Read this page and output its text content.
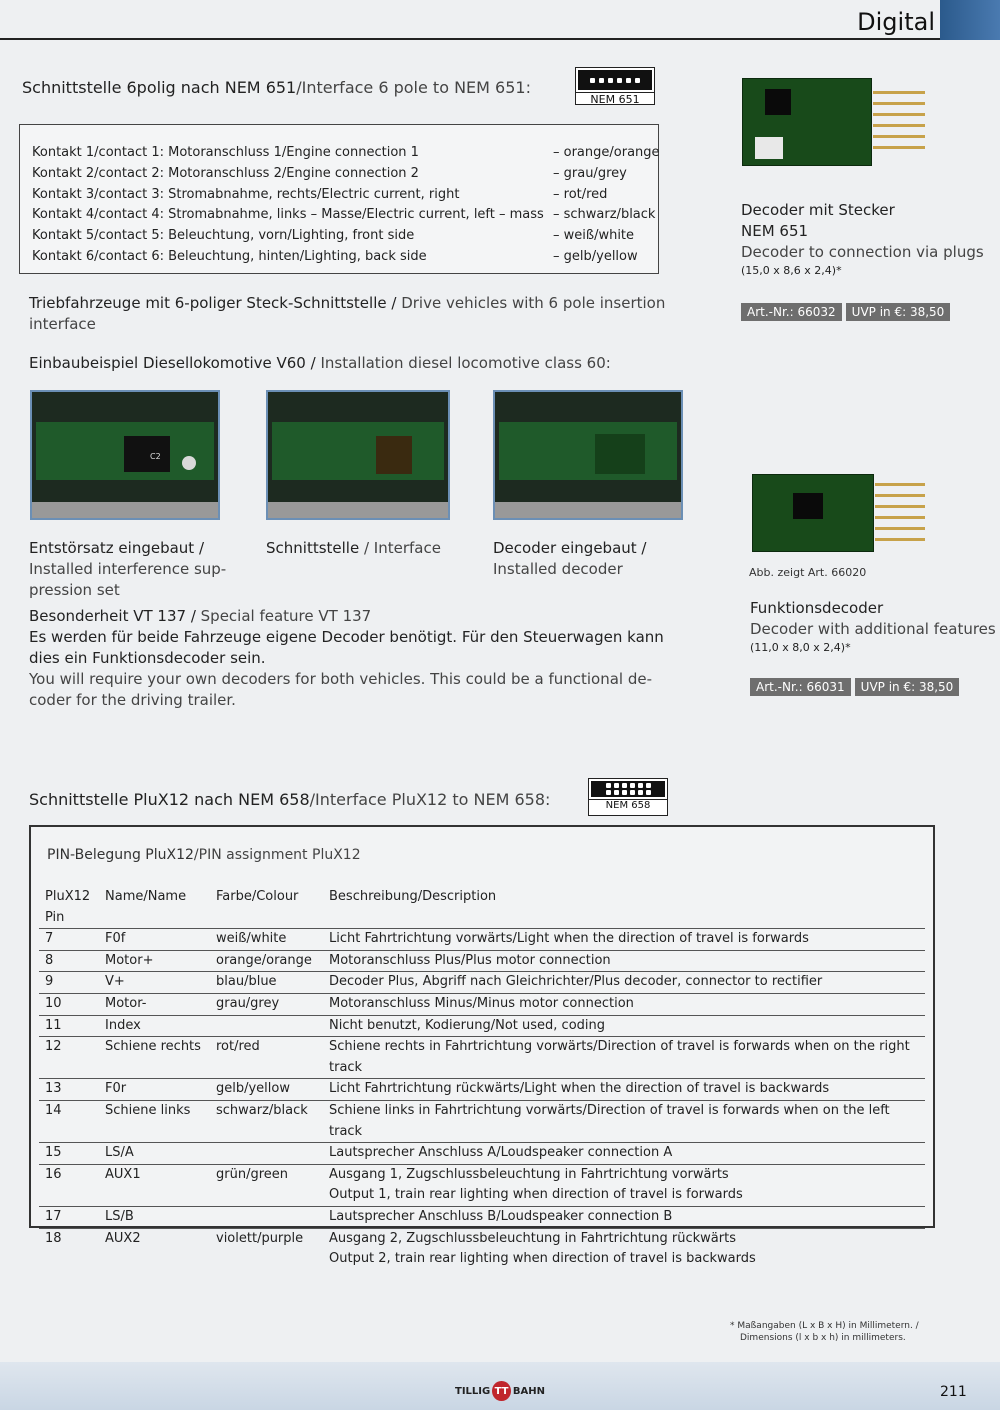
Digital
Schnittstelle 6polig nach NEM 651/Interface 6 pole to NEM 651:
NEM 651
Kontakt 1/contact 1: Motoranschluss 1/Engine connection 1	– orange/orange
Kontakt 2/contact 2: Motoranschluss 2/Engine connection 2	– grau/grey
Kontakt 3/contact 3: Stromabnahme, rechts/Electric current, right	– rot/red
Kontakt 4/contact 4: Stromabnahme, links – Masse/Electric current, left – mass – schwarz/black
Kontakt 5/contact 5: Beleuchtung, vorn/Lighting, front side	– weiß/white
Kontakt 6/contact 6: Beleuchtung, hinten/Lighting, back side	– gelb/yellow
Triebfahrzeuge mit 6-poliger Steck-Schnittstelle / Drive vehicles with 6 pole insertion interface
Einbaubeispiel Diesellokomotive V60 / Installation diesel locomotive class 60:
C2
Entstörsatz eingebaut /
Installed interference sup- pression set
Schnittstelle / Interface	Decoder eingebaut /
Installed decoder
Besonderheit VT 137 / Special feature VT 137
Es werden für beide Fahrzeuge eigene Decoder benötigt. Für den Steuerwagen kann dies ein Funktionsdecoder sein.
You will require your own decoders for both vehicles. This could be a functional de- coder for the driving trailer.
Decoder mit Stecker
NEM 651
Decoder to connection via plugs
(15,0 x 8,6 x 2,4)*
Art.-Nr.: 66032	UVP in €: 38,50
Abb. zeigt Art. 66020
Funktionsdecoder
Decoder with additional features
(11,0 x 8,0 x 2,4)*
Art.-Nr.: 66031	UVP in €: 38,50
Schnittstelle PluX12 nach NEM 658/Interface PluX12 to NEM 658:	NEM 658
PIN-Belegung PluX12/PIN assignment PluX12
PluX12 Pin	Name/Name	Farbe/Colour	Beschreibung/Description
7	F0f	weiß/white	Licht Fahrtrichtung vorwärts/Light when the direction of travel is forwards

8	Motor+	orange/orange	Motoranschluss Plus/Plus motor connection

9	V+	blau/blue	Decoder Plus, Abgriff nach Gleichrichter/Plus decoder, connector to rectifier

10	Motor-	grau/grey	Motoranschluss Minus/Minus motor connection

11	Index		Nicht benutzt, Kodierung/Not used, coding

12	Schiene rechts	rot/red	Schiene rechts in Fahrtrichtung vorwärts/Direction of travel is forwards when on the right track

13	F0r	gelb/yellow	Licht Fahrtrichtung rückwärts/Light when the direction of travel is backwards

14	Schiene links	schwarz/black	Schiene links in Fahrtrichtung vorwärts/Direction of travel is forwards when on the left track

15	LS/A		Lautsprecher Anschluss A/Loudspeaker connection A

16	AUX1	grün/green	Ausgang 1, Zugschlussbeleuchtung in Fahrtrichtung vorwärts
Output 1, train rear lighting when direction of travel is forwards

17	LS/B		Lautsprecher Anschluss B/Loudspeaker connection B

18	AUX2	violett/purple	Ausgang 2, Zugschlussbeleuchtung in Fahrtrichtung rückwärts
Output 2, train rear lighting when direction of travel is backwards
* Maßangaben (L x B x H) in Millimetern. /
Dimensions (l x b x h) in millimeters.
TILLIG TT BAHN	211
